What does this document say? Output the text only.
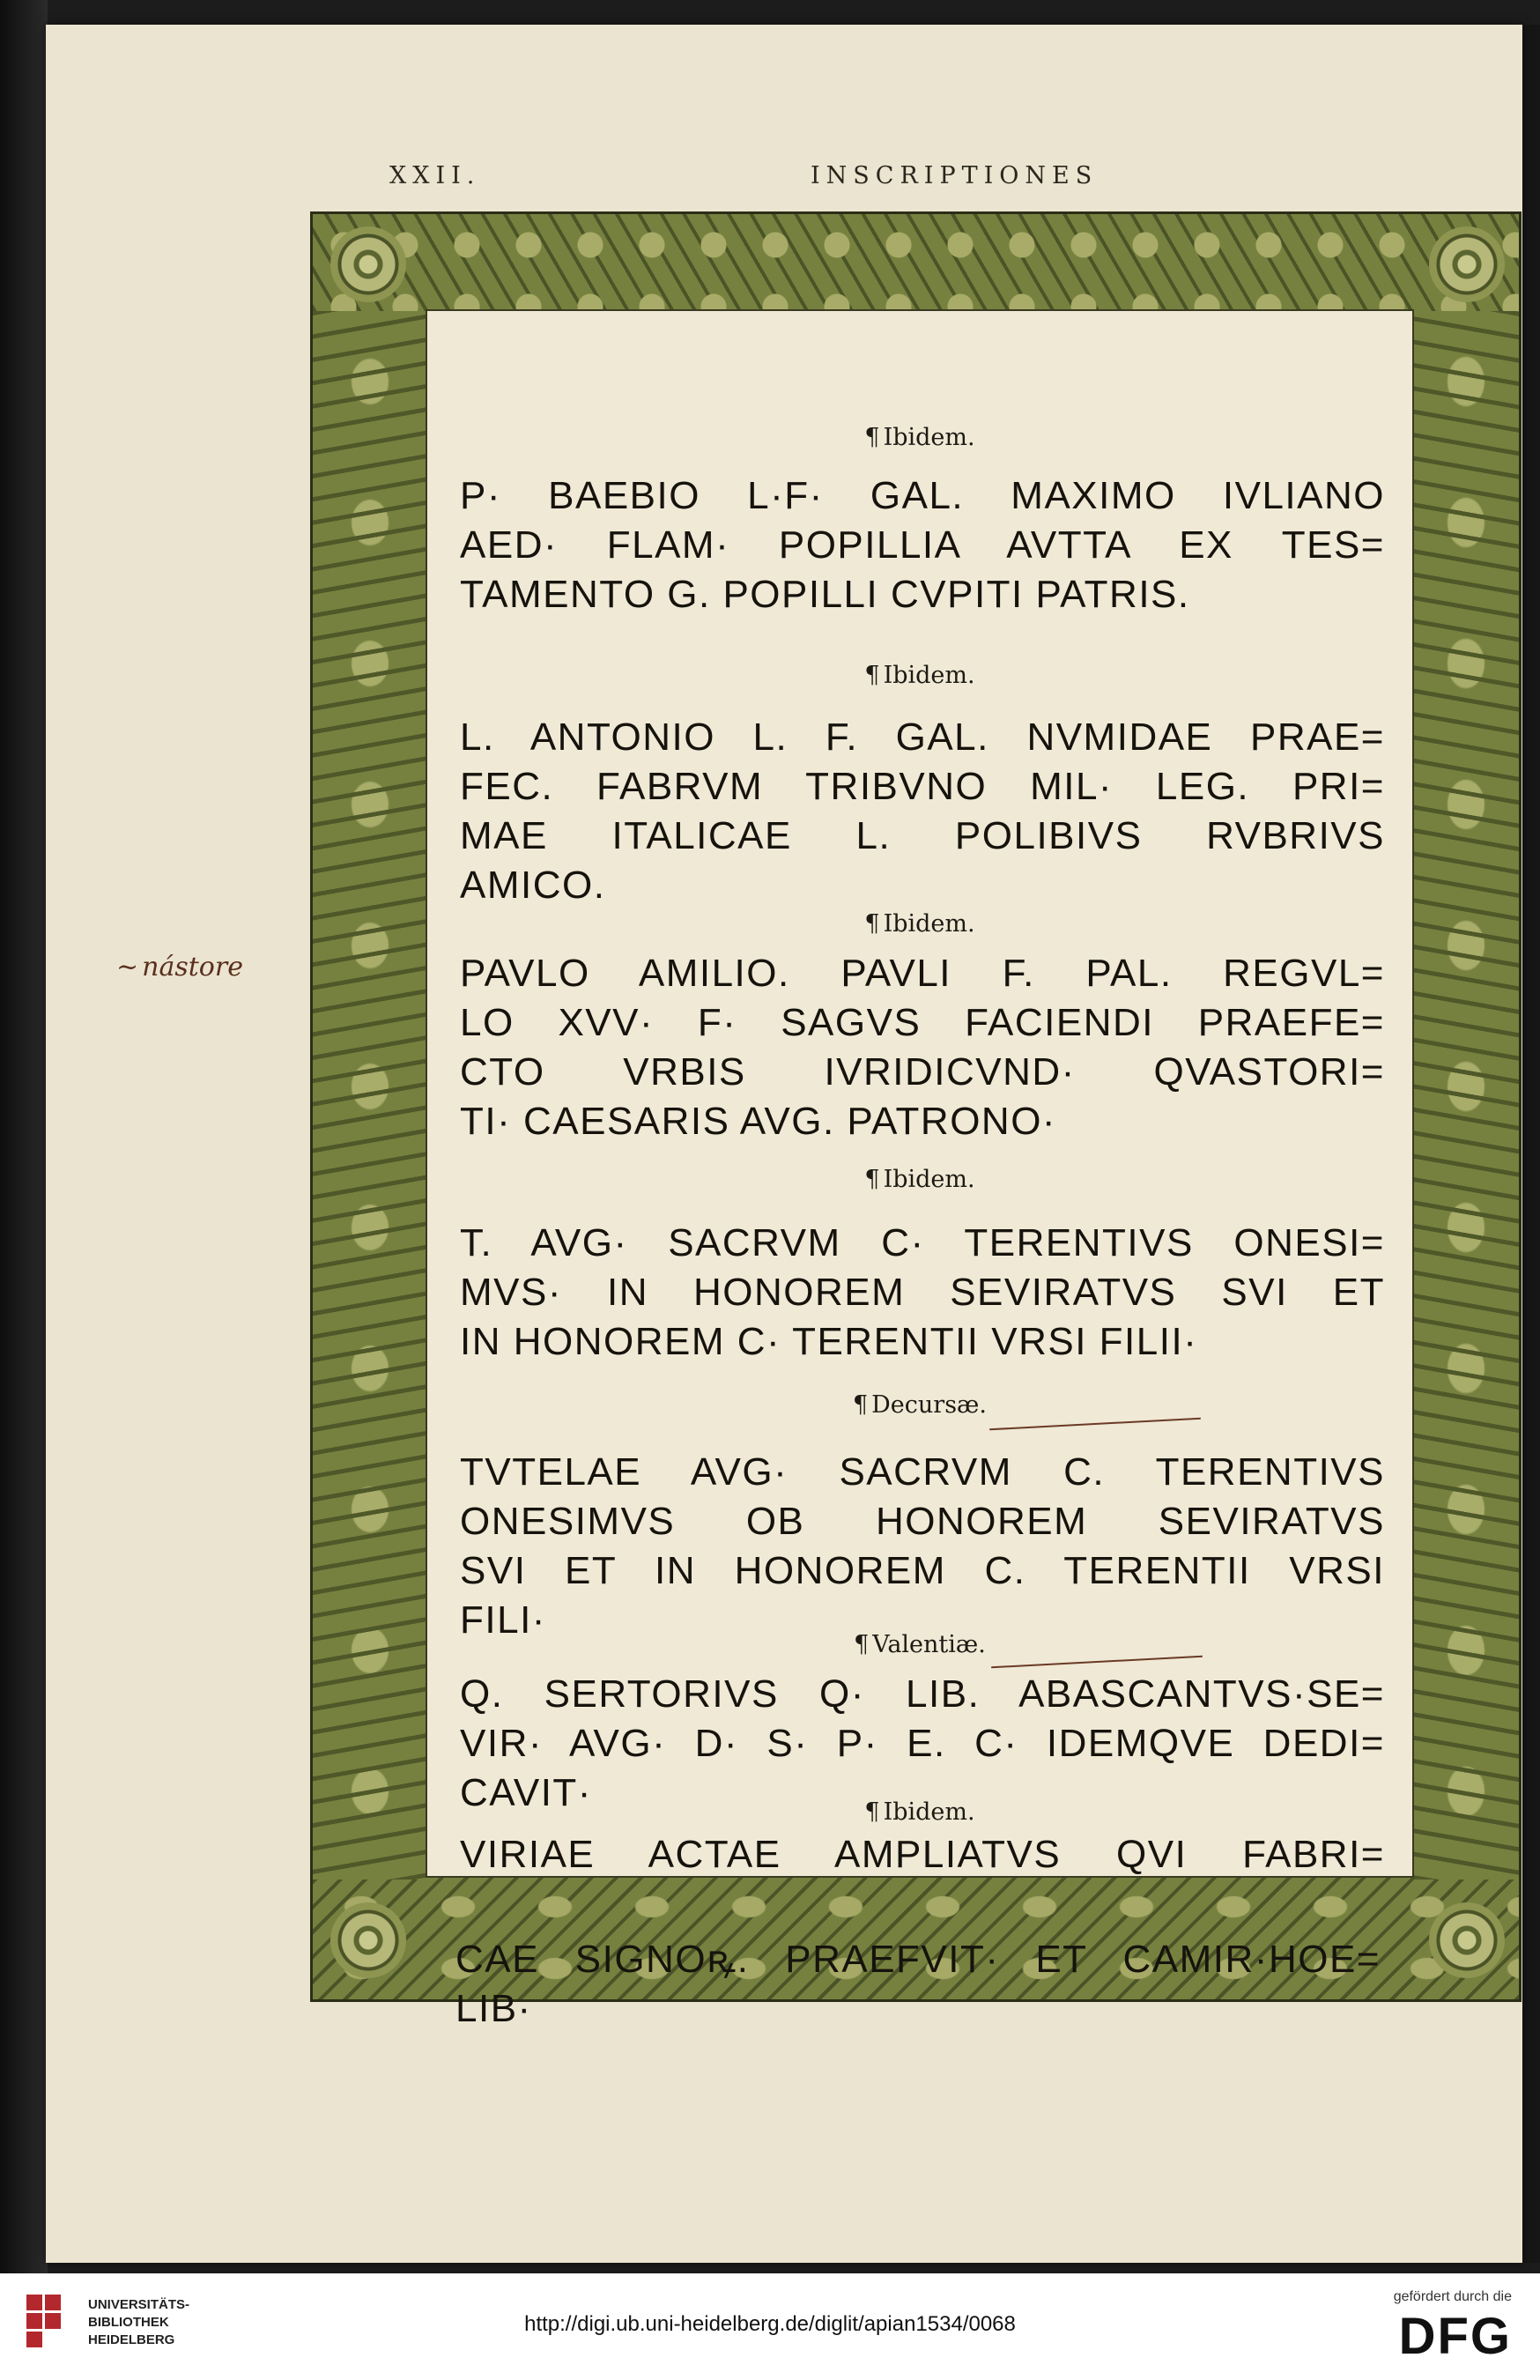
XXII.	INSCRIPTIONES
~ nástore
¶ Ibidem.
P· BAEBIO L·F· GAL. MAXIMO IVLIANO
AED· FLAM· POPILLIA AVTTA EX TES=
TAMENTO G. POPILLI CVPITI PATRIS.
¶ Ibidem.
L. ANTONIO L. F. GAL. NVMIDAE PRAE=
FEC. FABRVM TRIBVNO MIL· LEG. PRI=
MAE ITALICAE L. POLIBIVS RVBRIVS
AMICO.
¶ Ibidem.
PAVLO AMILIO. PAVLI F. PAL. REGVL=
LO XVV· F· SAGVS FACIENDI PRAEFE=
CTO VRBIS IVRIDICVND· QVASTORI=
TI· CAESARIS AVG. PATRONO·
¶ Ibidem.
T. AVG· SACRVM C· TERENTIVS ONESI=
MVS· IN HONOREM SEVIRATVS SVI ET
IN HONOREM C· TERENTII VRSI FILII·
¶ Decursæ.
TVTELAE AVG· SACRVM C. TERENTIVS
ONESIMVS OB HONOREM SEVIRATVS
SVI ET IN HONOREM C. TERENTII VRSI
FILI·
¶ Valentiæ.
Q. SERTORIVS Q· LIB. ABASCANTVS·SE=
VIR· AVG· D· S· P· E. C· IDEMQVE DEDI=
CAVIT·	¶ Ibidem.
VIRIAE ACTAE AMPLIATVS QVI FABRI=
CAE SIGNOꝶ. PRAEFVIT· ET CAMIR·HOE=
LIB·
UNIVERSITÄTS-
BIBLIOTHEK
HEIDELBERG
http://digi.ub.uni-heidelberg.de/diglit/apian1534/0068
gefördert durch die
DFG
